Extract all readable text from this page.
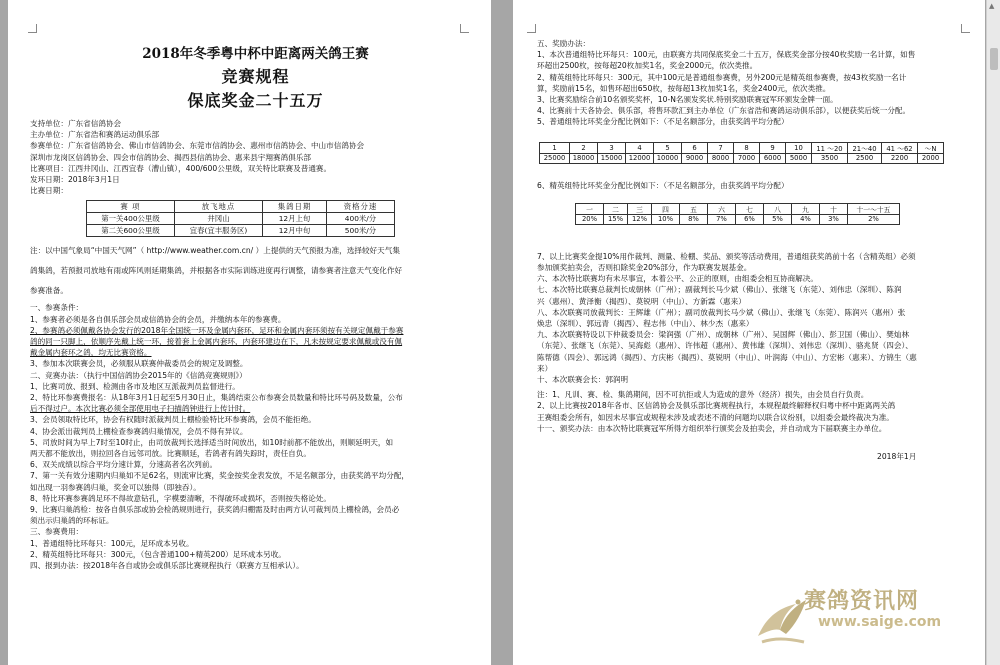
2018年冬季粤中杯中距离两关鸽王赛
竞赛规程
保底奖金二十五万
支持单位：广东省信鸽协会
主办单位：广东省浩和赛鸽运动俱乐部
参赛单位：广东省信鸽协会、佛山市信鸽协会、东莞市信鸽协会、惠州市信鸽协会、中山市信鸽协会
深圳市龙岗区信鸽协会、四会市信鸽协会、揭西县信鸽协会、惠来县宇翔赛鸽俱乐部
比赛项目：江西井冈山、江西宜春（漕山镇），400/600公里级，双关特比联赛及普通赛。
发环日期：2018年3月1日
比赛日期：
赛 项	放飞地点	集鸽日期	资格分速
第一关400公里级	井冈山	12月上旬	400米/分
第二关600公里级	宜春(宜丰服务区)	12月中旬	500米/分
注：以中国气象局“中国天气网”（ http://www.weather.com.cn/ ）上提供的天气预报为准，选择较好天气集
鸽集鸽，若预报司放地有雨或阵风则延期集鸽，并根据各市实际训练进度再行调整，请参赛者注意天气变化作好
参赛准备。
一、参赛条件：
1、参赛者必须是各自俱乐部会员或信鸽协会的会员，并缴纳本年的参赛费。
2、参赛鸽必须佩戴各协会发行的2018年全国统一环及金属内套环，足环和金属内套环须按有关规定佩戴于参赛
鸽的同一只脚上，依顺序先戴上统一环，接着套上金属内套环，内套环建边在下，凡未按规定要求佩戴或没有佩
戴金属内套环之鸽，均无比赛资格。
3、参加本次联赛会员，必须服从联赛仲裁委员会的规定及调整。
二、竞赛办法：（执行中国信鸽协会2015年的《信鸽竞赛规则》）
1、比赛司放、报到、检测由各市及地区互派裁判员监督进行。
2、特比环参赛费报名：从18年3月1日起至5月30日止，集鸽结束公布参赛会员数量和特比环号码及数量，公布
后不得过户。本次比赛必须全部使用电子扫描鸽钟进行上传计时。
3、会员领取特比环，协会有权随时派裁判员上棚检验特比环参赛鸽，会员不能拒绝。
4、协会派出裁判员上棚检查参赛鸽归巢情况，会员不得有异议。
5、司放时间为早上7时至10时止，由司放裁判长选择适当时间放出，如10时前都不能放出，则顺延明天，如
两天都不能放出，则拉回各自远邻司放。比赛顺延，若鸽者有鸽失踪时，责任自负。
6、双关成绩以综合平均分速计算，分速高者名次列前。
7、第一关有效分速期内归巢如不足62名，则流审比赛，奖金按奖金表发放，不足名额部分，由获奖鸽平均分配，
如出现一羽参赛鸽归巢，奖金可以独得（即独吞）。
8、特比环赛参赛鸽足环不得故意钻孔，字模要清晰，不得破环或损坏，否则按失格论处。
9、比赛归巢鸽检：按各自俱乐部或协会检鸽规则进行，获奖鸽归棚需及时由两方认可裁判员上棚检鸽，会员必
须出示归巢鸽的环标证。
三、参赛费用：
1、普通组特比环每只：100元，足环成本另收。
2、精英组特比环每只：300元，（包含普通100+精英200）足环成本另收。
四、报到办法：按2018年各自或协会或俱乐部比赛规程执行（联赛方互相承认）。
五、奖励办法：
1、本次普通组特比环每只：100元，由联赛方共同保底奖金二十五万，保底奖金部分按40枚奖励一名计算，如售
环超出2500枚，按每超20枚加奖1名，奖金2000元，依次类推。
2、精英组特比环每只：300元，其中100元是普通组参赛费，另外200元是精英组参赛费，按43枚奖励一名计
算，奖励前15名，如售环超出650枚，按每超13枚加奖1名，奖金2400元，依次类推。
3、比赛奖励综合前10名颁奖奖杯，10-N名颁发奖状.特别奖励联赛冠军环颁发金牌一面。
4、比赛前十天各协会、俱乐部，将售环款汇到主办单位（广东省浩和赛鸽运动俱乐部），以便获奖后统一分配。
5、普通组特比环奖金分配比例如下：（不足名额部分，由获奖鸽平均分配）
1	2	3	4	5	6	7	8	9	10	11 ～20	21～40	41 ～62	～N
25000	18000	15000	12000	10000	9000	8000	7000	6000	5000	3500	2500	2200	2000
6、精英组特比环奖金分配比例如下：（不足名额部分，由获奖鸽平均分配）
一	二	三	四	五	六	七	八	九	十	十一～十五
20%	15%	12%	10%	8%	7%	6%	5%	4%	3%	2%
7、以上比赛奖金提10%用作裁判、测量、检棚、奖品、颁奖等活动费用，普通组获奖鸽前十名（含精英组）必须
参加颁奖拍卖会，否则扣除奖金20%部分，作为联赛发展基金。
六、本次特比联赛均有未尽事宜，本着公平、公正的原则，由组委会相互协商解决。
七、本次特比联赛总裁判长成朝林（广州）；副裁判长马少斌（佛山）、张继飞（东莞）、刘伟忠（深圳）、陈润
兴（惠州）、黄泽衡（揭西）、莫锐明（中山）、方新霖（惠来）
八、本次联赛司放裁判长：王辉雄（广州）；副司放裁判长马少斌（佛山）、张继飞（东莞）、陈润兴（惠州）张
焕忠（深圳）、郭远青（揭西）、程志伟（中山）、林少杰（惠来）
九、本次联赛特设以下仲裁委员会：梁润强（广州）、成朝林（广州）、吴国辉（佛山）、彭卫国（佛山）、樊灿林
（东莞）、张继飞（东莞）、吴海彪（惠州）、许伟超（惠州）、黄伟雄（深圳）、刘伟忠（深圳）、骆兆贤（四会）、
陈帮德（四会）、郭远鸿（揭西）、方庆彬（揭西）、莫锐明（中山）、叶润海（中山）、方宏彬（惠来）、方锦生（惠
来）
十、本次联赛会长：郭润明
注：1、凡训、赛、检、集鸽期间，因不可抗拒或人为造成的意外（经济）损失，由会员自行负责。
2、以上比赛按2018年各市、区信鸽协会及俱乐部比赛规程执行，本规程最终解释权归粤中杯中距离两关鸽
王赛组委会所有，如因未尽事宜或规程未涉及或表述不清的问题均以联合议纷别，以组委会最终裁决为准。
十一、颁奖办法：由本次特比联赛冠军所得方组织举行颁奖会及拍卖会，并自动成为下届联赛主办单位。
2018年1月
▲
赛鸽资讯网
www.saige.com
